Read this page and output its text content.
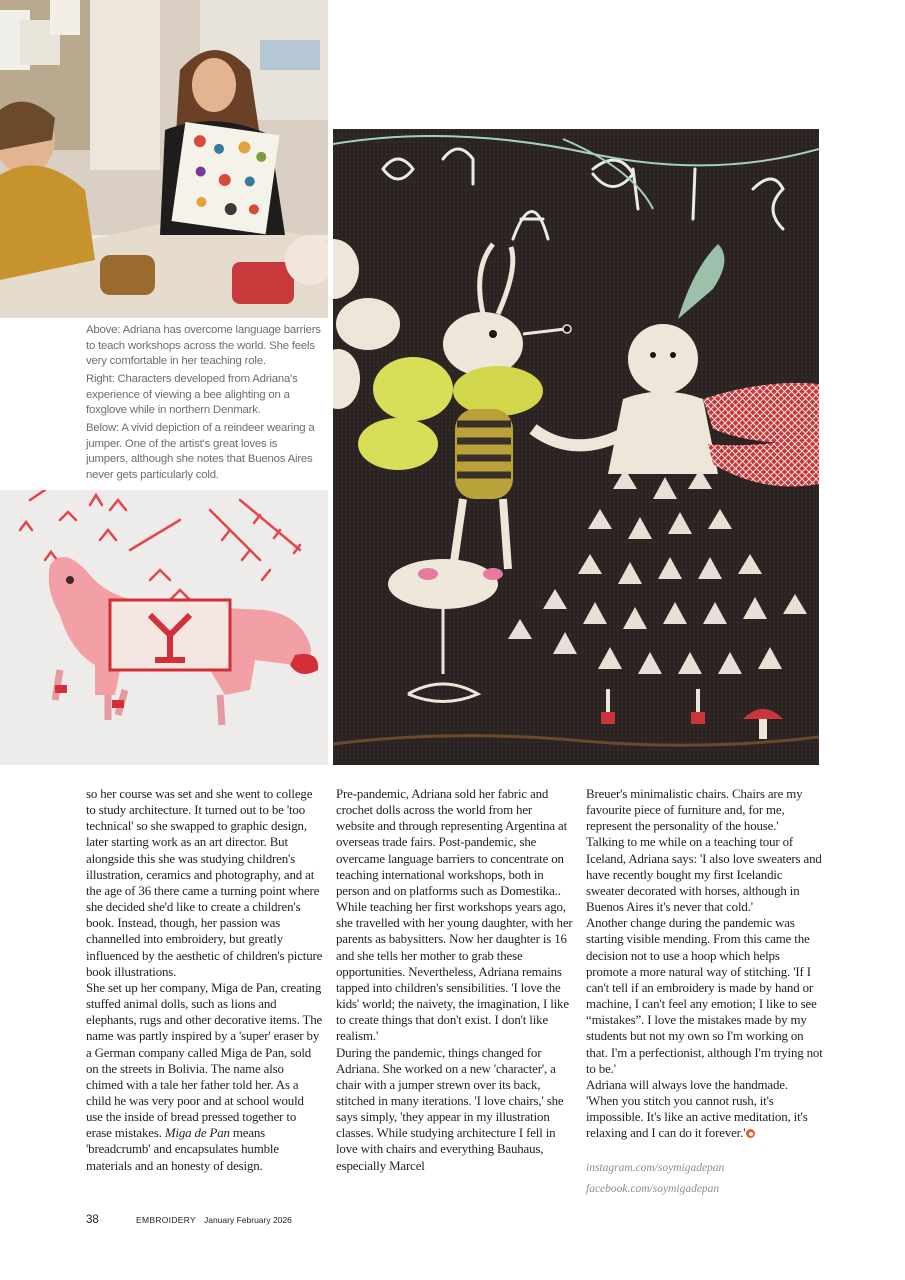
Above: Adriana has overcome language barriers to teach workshops across the world. She feels very comfortable in her teaching role.

Right: Characters developed from Adriana's experience of viewing a bee alighting on a foxglove while in northern Denmark.

Below: A vivid depiction of a reindeer wearing a jumper. One of the artist's great loves is jumpers, although she notes that Buenos Aires never gets particularly cold.

so her course was set and she went to college to study architecture. It turned out to be 'too technical' so she swapped to graphic design, later starting work as an art director. But alongside this she was studying children's illustration, ceramics and photography, and at the age of 36 there came a turning point where she decided she'd like to create a children's book. Instead, though, her passion was channelled into embroidery, but greatly influenced by the aesthetic of children's picture book illustrations.

She set up her company, Miga de Pan, creating stuffed animal dolls, such as lions and elephants, rugs and other decorative items. The name was partly inspired by a 'super' eraser by a German company called Miga de Pan, sold on the streets in Bolivia. The name also chimed with a tale her father told her. As a child he was very poor and at school would use the inside of bread pressed together to erase mistakes. Miga de Pan means 'breadcrumb' and encapsulates humble materials and an honesty of design.

Pre-pandemic, Adriana sold her fabric and crochet dolls across the world from her website and through representing Argentina at overseas trade fairs. Post-pandemic, she overcame language barriers to concentrate on teaching international workshops, both in person and on platforms such as Domestika..

While teaching her first workshops years ago, she travelled with her young daughter, with her parents as babysitters. Now her daughter is 16 and she tells her mother to grab these opportunities. Nevertheless, Adriana remains tapped into children's sensibilities. 'I love the kids' world; the naivety, the imagination, I like to create things that don't exist. I don't like realism.'

During the pandemic, things changed for Adriana. She worked on a new 'character', a chair with a jumper strewn over its back, stitched in many iterations. 'I love chairs,' she says simply, 'they appear in my illustration classes. While studying architecture I fell in love with chairs and everything Bauhaus, especially Marcel

Breuer's minimalistic chairs. Chairs are my favourite piece of furniture and, for me, represent the personality of the house.'

Talking to me while on a teaching tour of Iceland, Adriana says: 'I also love sweaters and have recently bought my first Icelandic sweater decorated with horses, although in Buenos Aires it's never that cold.'

Another change during the pandemic was starting visible mending. From this came the decision not to use a hoop which helps promote a more natural way of stitching. 'If I can't tell if an embroidery is made by hand or machine, I can't feel any emotion; I like to see “mistakes”. I love the mistakes made by my students but not my own so I'm working on that. I'm a perfectionist, although I'm trying not to be.'

Adriana will always love the handmade. 'When you stitch you cannot rush, it's impossible. It's like an active meditation, it's relaxing and I can do it forever.'

instagram.com/soymigadepan
facebook.com/soymigadepan
38	EMBROIDERY January February 2026
